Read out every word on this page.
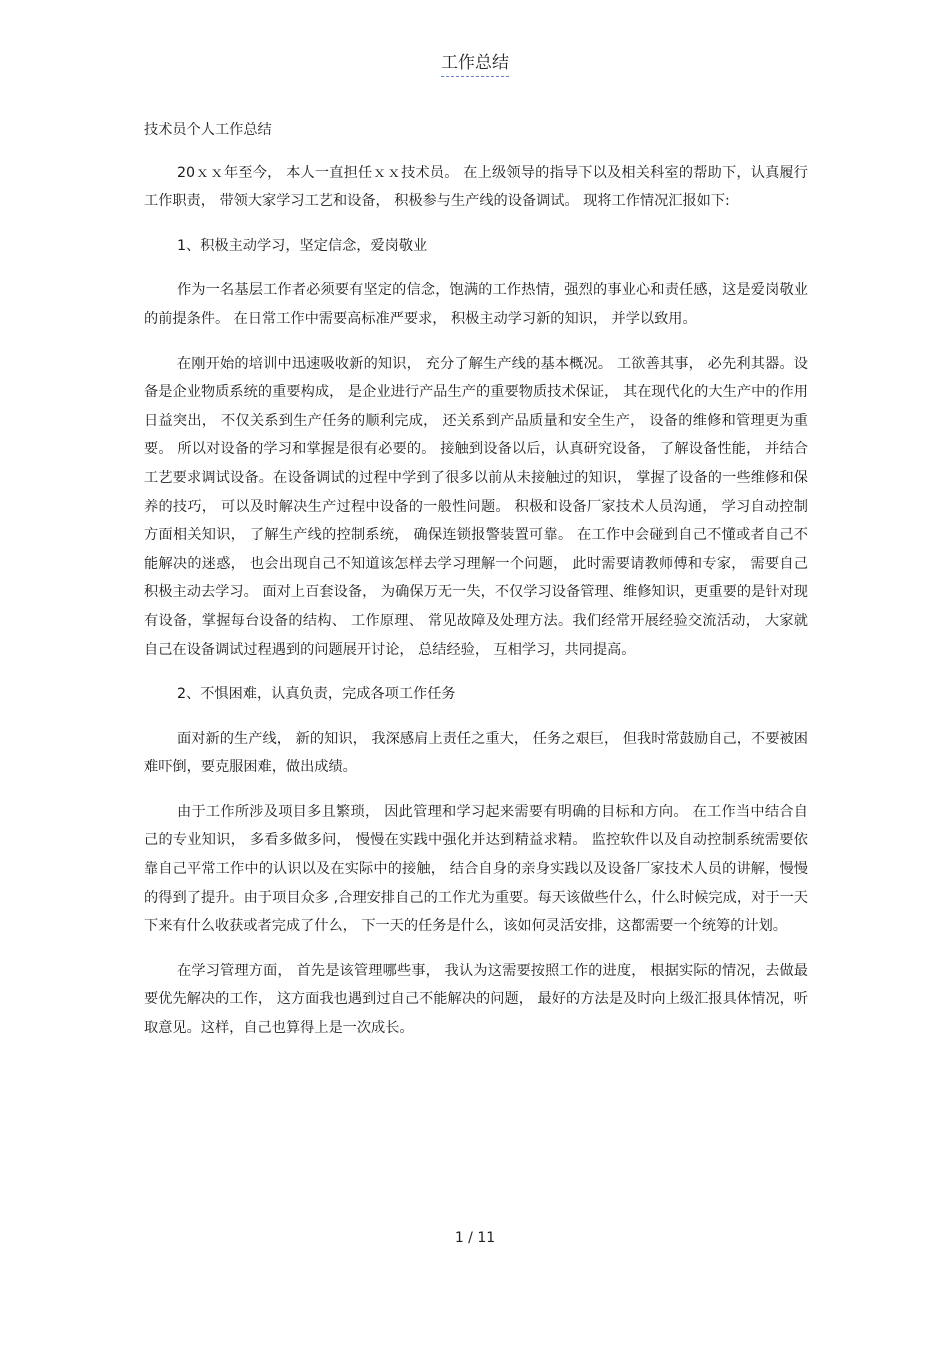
工作总结

技术员个人工作总结

20ｘｘ年至今， 本人一直担任ｘｘ技术员。 在上级领导的指导下以及相关科室的帮助下，认真履行工作职责， 带领大家学习工艺和设备， 积极参与生产线的设备调试。 现将工作情况汇报如下:

1、积极主动学习，坚定信念，爱岗敬业

作为一名基层工作者必须要有坚定的信念，饱满的工作热情，强烈的事业心和责任感，这是爱岗敬业的前提条件。 在日常工作中需要高标准严要求， 积极主动学习新的知识， 并学以致用。

在刚开始的培训中迅速吸收新的知识， 充分了解生产线的基本概况。 工欲善其事， 必先利其器。设备是企业物质系统的重要构成， 是企业进行产品生产的重要物质技术保证， 其在现代化的大生产中的作用日益突出， 不仅关系到生产任务的顺利完成， 还关系到产品质量和安全生产， 设备的维修和管理更为重要。 所以对设备的学习和掌握是很有必要的。 接触到设备以后，认真研究设备， 了解设备性能， 并结合工艺要求调试设备。在设备调试的过程中学到了很多以前从未接触过的知识， 掌握了设备的一些维修和保养的技巧， 可以及时解决生产过程中设备的一般性问题。 积极和设备厂家技术人员沟通， 学习自动控制方面相关知识， 了解生产线的控制系统， 确保连锁报警装置可靠。 在工作中会碰到自己不懂或者自己不能解决的迷惑， 也会出现自己不知道该怎样去学习理解一个问题， 此时需要请教师傅和专家， 需要自己积极主动去学习。 面对上百套设备， 为确保万无一失，不仅学习设备管理、维修知识，更重要的是针对现有设备，掌握每台设备的结构、 工作原理、 常见故障及处理方法。我们经常开展经验交流活动， 大家就自己在设备调试过程遇到的问题展开讨论， 总结经验， 互相学习，共同提高。

2、不惧困难，认真负责，完成各项工作任务

面对新的生产线， 新的知识， 我深感肩上责任之重大， 任务之艰巨， 但我时常鼓励自己，不要被困难吓倒，要克服困难，做出成绩。

由于工作所涉及项目多且繁琐， 因此管理和学习起来需要有明确的目标和方向。 在工作当中结合自己的专业知识， 多看多做多问， 慢慢在实践中强化并达到精益求精。 监控软件以及自动控制系统需要依靠自己平常工作中的认识以及在实际中的接触， 结合自身的亲身实践以及设备厂家技术人员的讲解，慢慢的得到了提升。由于项目众多 ,合理安排自己的工作尤为重要。每天该做些什么，什么时候完成，对于一天下来有什么收获或者完成了什么， 下一天的任务是什么，该如何灵活安排，这都需要一个统筹的计划。

在学习管理方面， 首先是该管理哪些事， 我认为这需要按照工作的进度， 根据实际的情况，去做最要优先解决的工作， 这方面我也遇到过自己不能解决的问题， 最好的方法是及时向上级汇报具体情况，听取意见。这样，自己也算得上是一次成长。

1 / 11
